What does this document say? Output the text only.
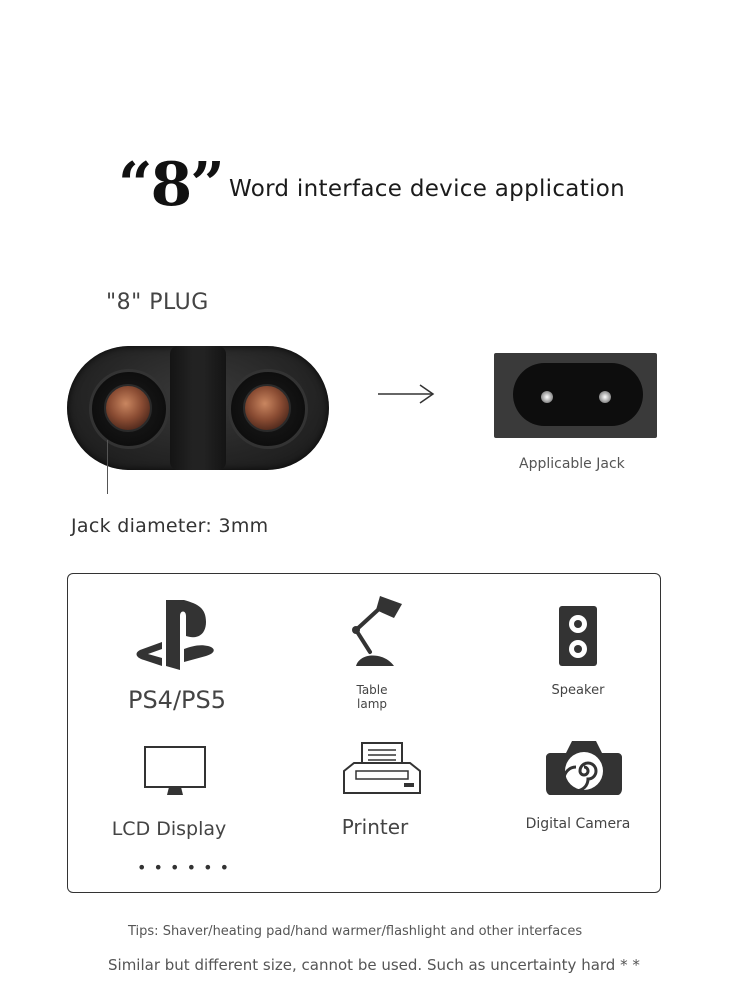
“8” Word interface device application
"8" PLUG
Jack diameter: 3mm
Applicable Jack
PS4/PS5	Table
lamp
Speaker
LCD Display
• • • • • •
Printer	Digital Camera
Tips: Shaver/heating pad/hand warmer/flashlight and other interfaces
Similar but different size, cannot be used. Such as uncertainty hard * *
